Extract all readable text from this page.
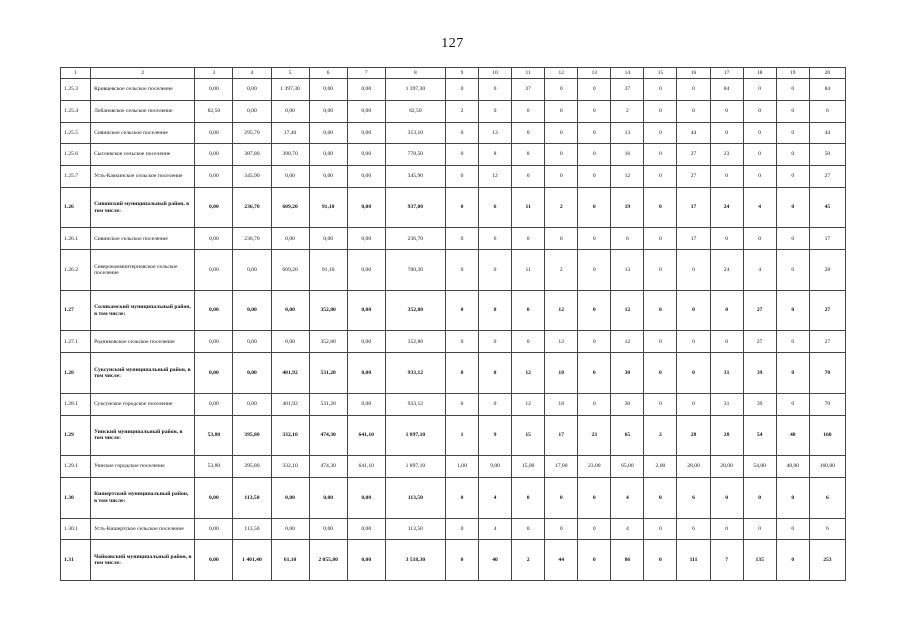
127
1	2	3	4	5	6	7	8	9	10	11	12	13	14	15	16	17	18	19	20
1.25.3	Кривцевское сельское поселение	0,00	0,00	1 397,30	0,00	0,00	1 397,30	0	0	37	0	0	37	0	0	84	0	0	84
1.25.4	Лобановское сельское поселение	82,50	0,00	0,00	0,00	0,00	82,50	2	0	0	0	0	2	0	0	0	0	0	6
1.25.5	Сивинское сельское поселение	0,00	295,70	17,40	0,00	0,00	313,10	0	13	0	0	0	13	0	44	0	0	0	44
1.25.6	Сысоевское сельское поселение	0,00	387,80	390,70	0,00	0,00	778,50	0	8	8	0	0	16	0	27	23	0	0	50
1.25.7	Усть-Качкинское сельское поселение	0,00	345,90	0,00	0,00	0,00	345,90	0	12	0	0	0	12	0	27	0	0	0	27
1.26	Сивинский муниципальный район, в том числе:	0,00	236,70	609,20	91,10	0,00	937,00	0	6	11	2	0	19	0	17	24	4	0	45
1.26.1	Сивинское сельское поселение	0,00	236,70	0,00	0,00	0,00	236,70	0	6	0	0	0	6	0	17	0	0	0	17
1.26.2	Северокомминтерновское сельское поселение	0,00	0,00	609,20	91,10	0,00	700,30	0	0	11	2	0	13	0	0	24	4	0	28
1.27	Соликамский муниципальный район, в том числе:	0,00	0,00	0,00	352,80	0,00	352,80	0	0	0	12	0	12	0	0	0	27	0	27
1.27.1	Родниковское сельское поселение	0,00	0,00	0,00	352,80	0,00	352,80	0	0	0	12	0	12	0	0	0	27	0	27
1.28	Суксунский муниципальный район, в том числе:	0,00	0,00	401,92	531,20	0,00	933,12	0	0	12	18	0	30	0	0	31	39	0	70
1.28.1	Суксунское городское поселение	0,00	0,00	401,92	531,20	0,00	933,12	0	0	12	18	0	30	0	0	31	39	0	70
1.29	Уинский муниципальный район, в том числе:	53,80	395,80	332,10	474,30	641,10	1 897,10	1	9	15	17	23	65	2	28	28	54	48	160
1.29.1	Уинское городское поселение	53,80	395,80	332,10	474,30	641,10	1 897,10	1,00	9,00	15,00	17,00	23,00	65,00	2,00	28,00	28,00	54,00	48,00	160,00
1.30	Кишертский муниципальный район, в том числе:	0,00	113,50	0,00	0,00	0,00	113,50	0	4	0	0	0	4	0	6	0	0	0	6
1.30.1	Усть-Кишертское сельское поселение	0,00	113,50	0,00	0,00	0,00	113,50	0	4	0	0	0	4	0	6	0	0	0	6
1.31	Чайковский муниципальный район, в том числе:	0,00	1 401,40	61,10	2 055,80	0,00	3 518,30	0	40	2	44	0	86	0	111	7	135	0	253
